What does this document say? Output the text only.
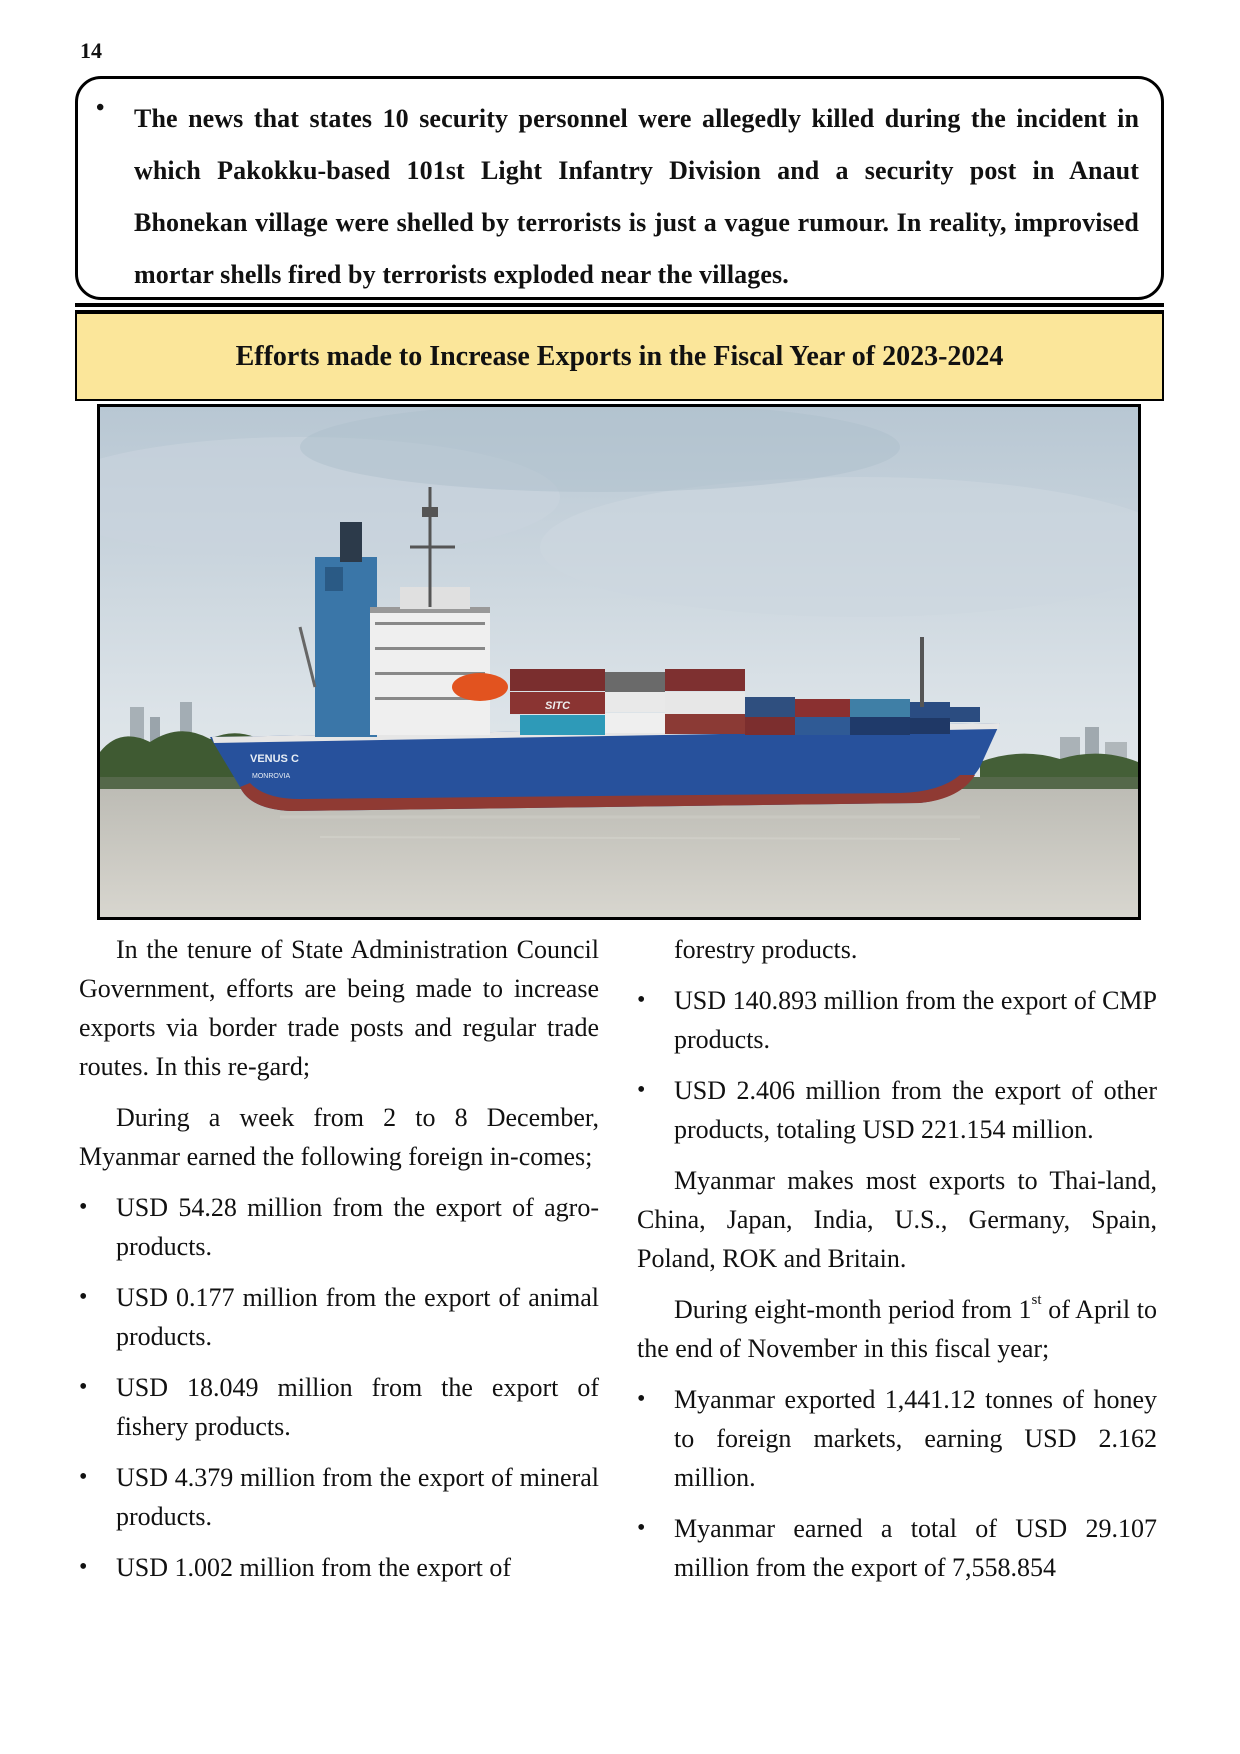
14
• The news that states 10 security personnel were allegedly killed during the incident in which Pakokku-based 101st Light Infantry Division and a security post in Anaut Bhonekan village were shelled by terrorists is just a vague rumour. In reality, improvised mortar shells fired by terrorists exploded near the villages.

Efforts made to Increase Exports in the Fiscal Year of 2023-2024
VENUS C
MONROVIA
SITC

In the tenure of State Administration Council Government, efforts are being made to increase exports via border trade posts and regular trade routes. In this re-gard;

During a week from 2 to 8 December, Myanmar earned the following foreign in-comes;

• USD 54.28 million from the export of agro-products.
• USD 0.177 million from the export of animal products.
• USD 18.049 million from the export of fishery products.
• USD 4.379 million from the export of mineral products.
• USD 1.002 million from the export of

forestry products.

• USD 140.893 million from the export of CMP products.
• USD 2.406 million from the export of other products, totaling USD 221.154 million.

Myanmar makes most exports to Thai-land, China, Japan, India, U.S., Germany, Spain, Poland, ROK and Britain.

During eight-month period from 1st of April to the end of November in this fiscal year;

• Myanmar exported 1,441.12 tonnes of honey to foreign markets, earning USD 2.162 million.
• Myanmar earned a total of USD 29.107 million from the export of 7,558.854
